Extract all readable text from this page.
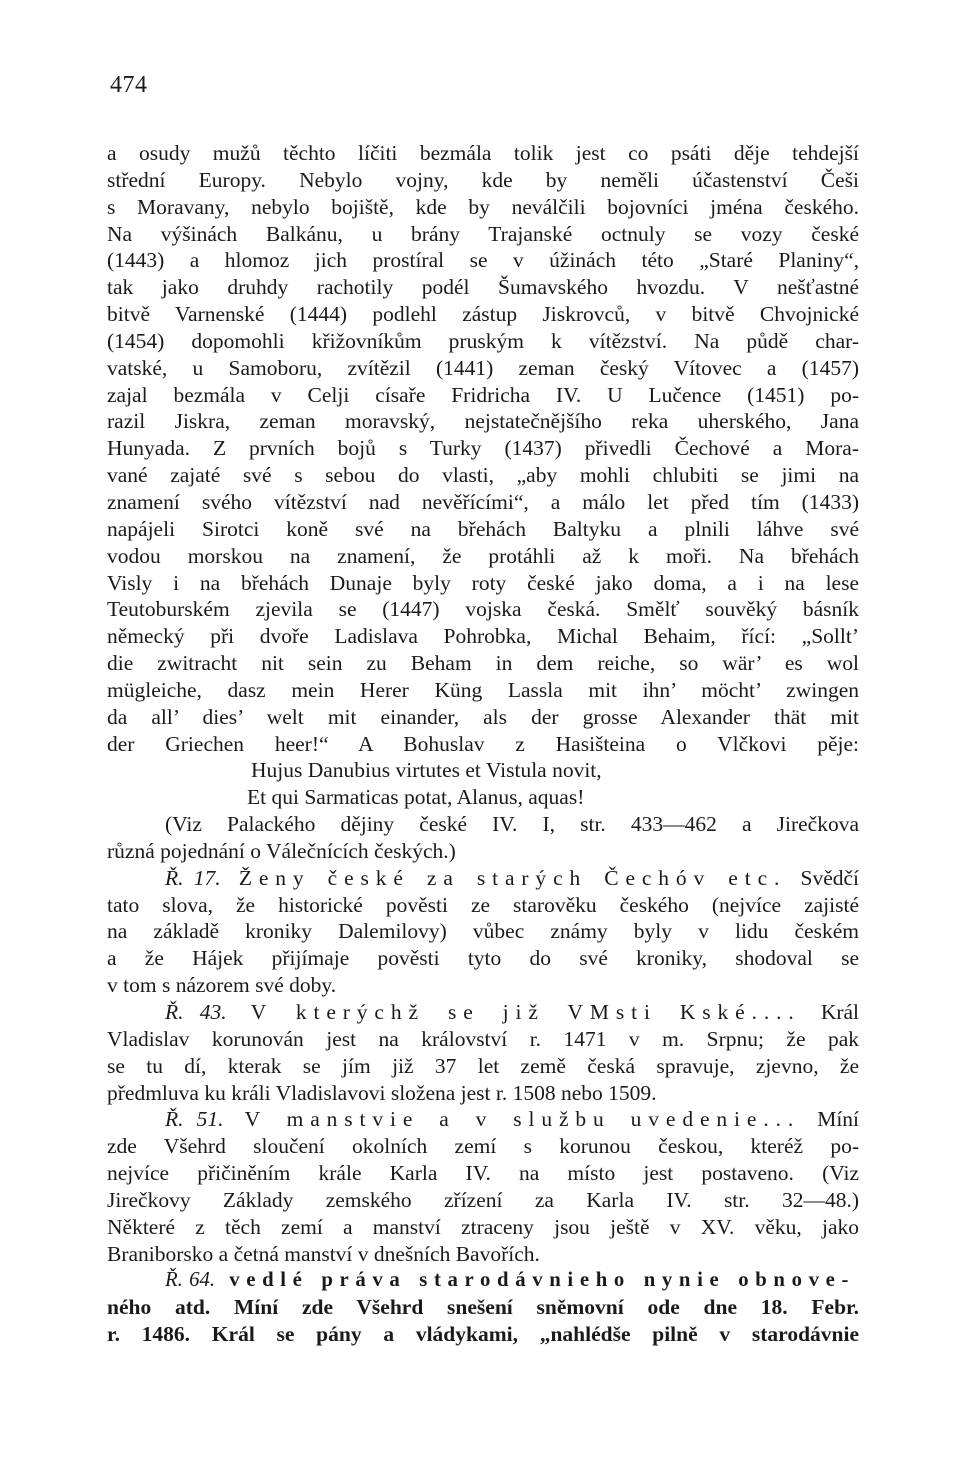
474
a osudy mužů těchto líčiti bezmála tolik jest co psáti děje tehdejší
střední Europy. Nebylo vojny, kde by neměli účastenství Češi
s Moravany, nebylo bojiště, kde by neválčili bojovníci jména českého.
Na výšinách Balkánu, u brány Trajanské octnuly se vozy české
(1443) a hlomoz jich prostíral se v úžinách této „Staré Planiny“,
tak jako druhdy rachotily podél Šumavského hvozdu. V nešťastné
bitvě Varnenské (1444) podlehl zástup Jiskrovců, v bitvě Chvojnické
(1454) dopomohli křižovníkům pruským k vítězství. Na půdě char-
vatské, u Samoboru, zvítězil (1441) zeman český Vítovec a (1457)
zajal bezmála v Celji císaře Fridricha IV. U Lučence (1451) po-
razil Jiskra, zeman moravský, nejstatečnějšího reka uherského, Jana
Hunyada. Z prvních bojů s Turky (1437) přivedli Čechové a Mora-
vané zajaté své s sebou do vlasti, „aby mohli chlubiti se jimi na
znamení svého vítězství nad nevěřícími“, a málo let před tím (1433)
napájeli Sirotci koně své na břehách Baltyku a plnili láhve své
vodou morskou na znamení, že protáhli až k moři. Na břehách
Visly i na břehách Dunaje byly roty české jako doma, a i na lese
Teutoburském zjevila se (1447) vojska česká. Smělť souvěký básník
německý při dvoře Ladislava Pohrobka, Michal Behaim, řící: „Sollt’
die zwitracht nit sein zu Beham in dem reiche, so wär’ es wol
mügleiche, dasz mein Herer Küng Lassla mit ihn’ möcht’ zwingen
da all’ dies’ welt mit einander, als der grosse Alexander thät mit
der Griechen heer!“ A Bohuslav z Hasišteina o Vlčkovi pěje:
Hujus Danubius virtutes et Vistula novit,
Et qui Sarmaticas potat, Alanus, aquas!
(Viz Palackého dějiny české IV. I, str. 433—462 a Jirečkova
různá pojednání o Válečnících českých.)
Ř. 17. Ženy české za starých Čechóv etc. Svědčí
tato slova, že historické pověsti ze starověku českého (nejvíce zajisté
na základě kroniky Dalemilovy) vůbec známy byly v lidu českém
a že Hájek přijímaje pověsti tyto do své kroniky, shodoval se
v tom s názorem své doby.
Ř. 43. V kterýchž se již VMsti Kské.... Král
Vladislav korunován jest na království r. 1471 v m. Srpnu; že pak
se tu dí, kterak se jím již 37 let země česká spravuje, zjevno, že
předmluva ku králi Vladislavovi složena jest r. 1508 nebo 1509.
Ř. 51. V manstvie a v službu uvedenie... Míní
zde Všehrd sloučení okolních zemí s korunou českou, kteréž po-
nejvíce přičiněním krále Karla IV. na místo jest postaveno. (Viz
Jirečkovy Základy zemského zřízení za Karla IV. str. 32—48.)
Některé z těch zemí a manství ztraceny jsou ještě v XV. věku, jako
Braniborsko a četná manství v dnešních Bavořích.
Ř. 64. vedlé práva starodávnieho nynie obnove-
ného atd. Míní zde Všehrd snešení sněmovní ode dne 18. Febr.
r. 1486. Král se pány a vládykami, „nahlédše pilně v starodávnie
